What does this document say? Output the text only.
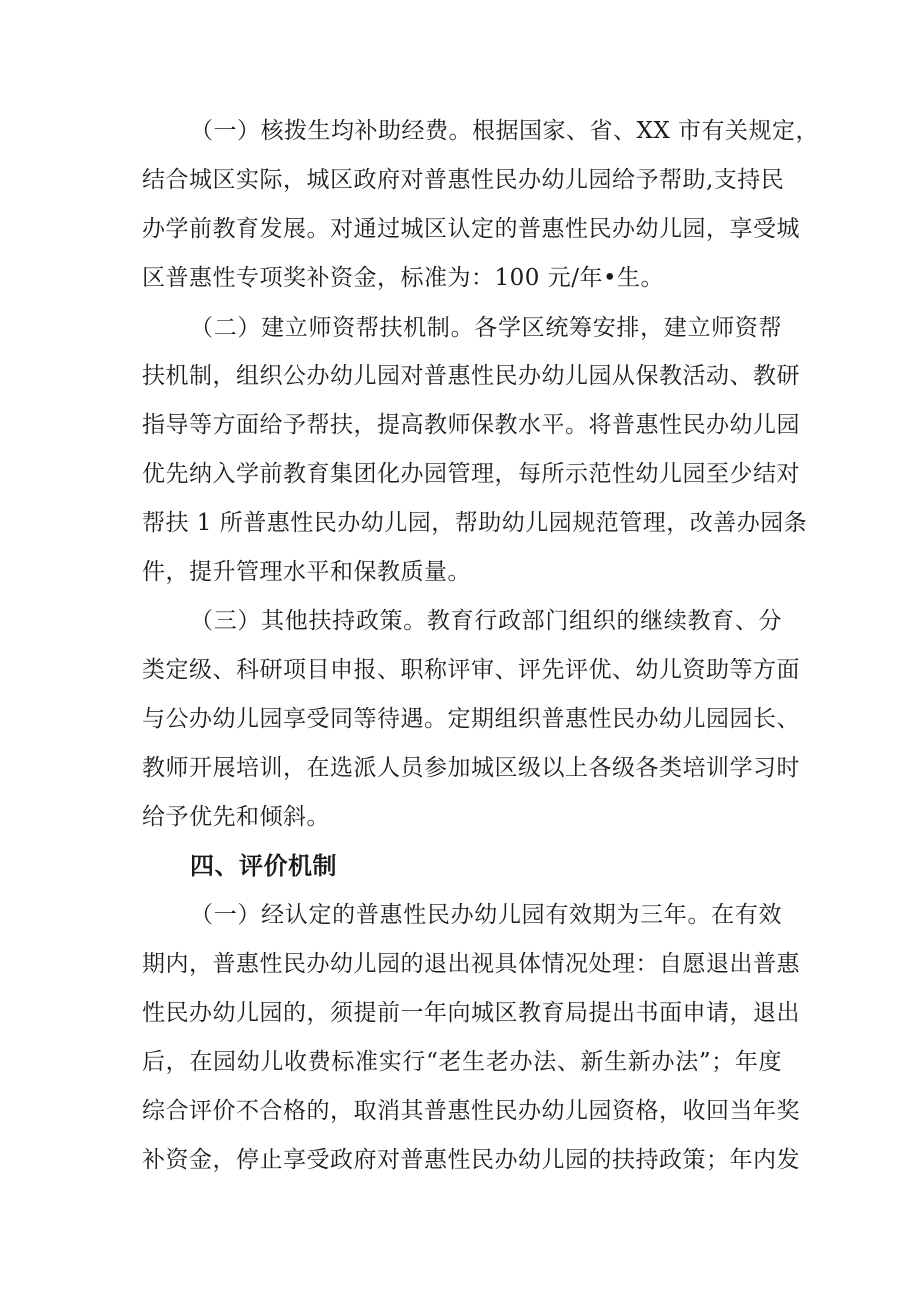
（一）核拨生均补助经费。根据国家、省、XX 市有关规定，
结合城区实际，城区政府对普惠性民办幼儿园给予帮助,支持民
办学前教育发展。对通过城区认定的普惠性民办幼儿园，享受城
区普惠性专项奖补资金，标准为：100 元/年•生。
（二）建立师资帮扶机制。各学区统筹安排，建立师资帮
扶机制，组织公办幼儿园对普惠性民办幼儿园从保教活动、教研
指导等方面给予帮扶，提高教师保教水平。将普惠性民办幼儿园
优先纳入学前教育集团化办园管理，每所示范性幼儿园至少结对
帮扶 1 所普惠性民办幼儿园，帮助幼儿园规范管理，改善办园条
件，提升管理水平和保教质量。
（三）其他扶持政策。教育行政部门组织的继续教育、分
类定级、科研项目申报、职称评审、评先评优、幼儿资助等方面
与公办幼儿园享受同等待遇。定期组织普惠性民办幼儿园园长、
教师开展培训，在选派人员参加城区级以上各级各类培训学习时
给予优先和倾斜。
四、评价机制
（一）经认定的普惠性民办幼儿园有效期为三年。在有效
期内，普惠性民办幼儿园的退出视具体情况处理：自愿退出普惠
性民办幼儿园的，须提前一年向城区教育局提出书面申请，退出
后，在园幼儿收费标准实行“老生老办法、新生新办法”；年度
综合评价不合格的，取消其普惠性民办幼儿园资格，收回当年奖
补资金，停止享受政府对普惠性民办幼儿园的扶持政策；年内发
